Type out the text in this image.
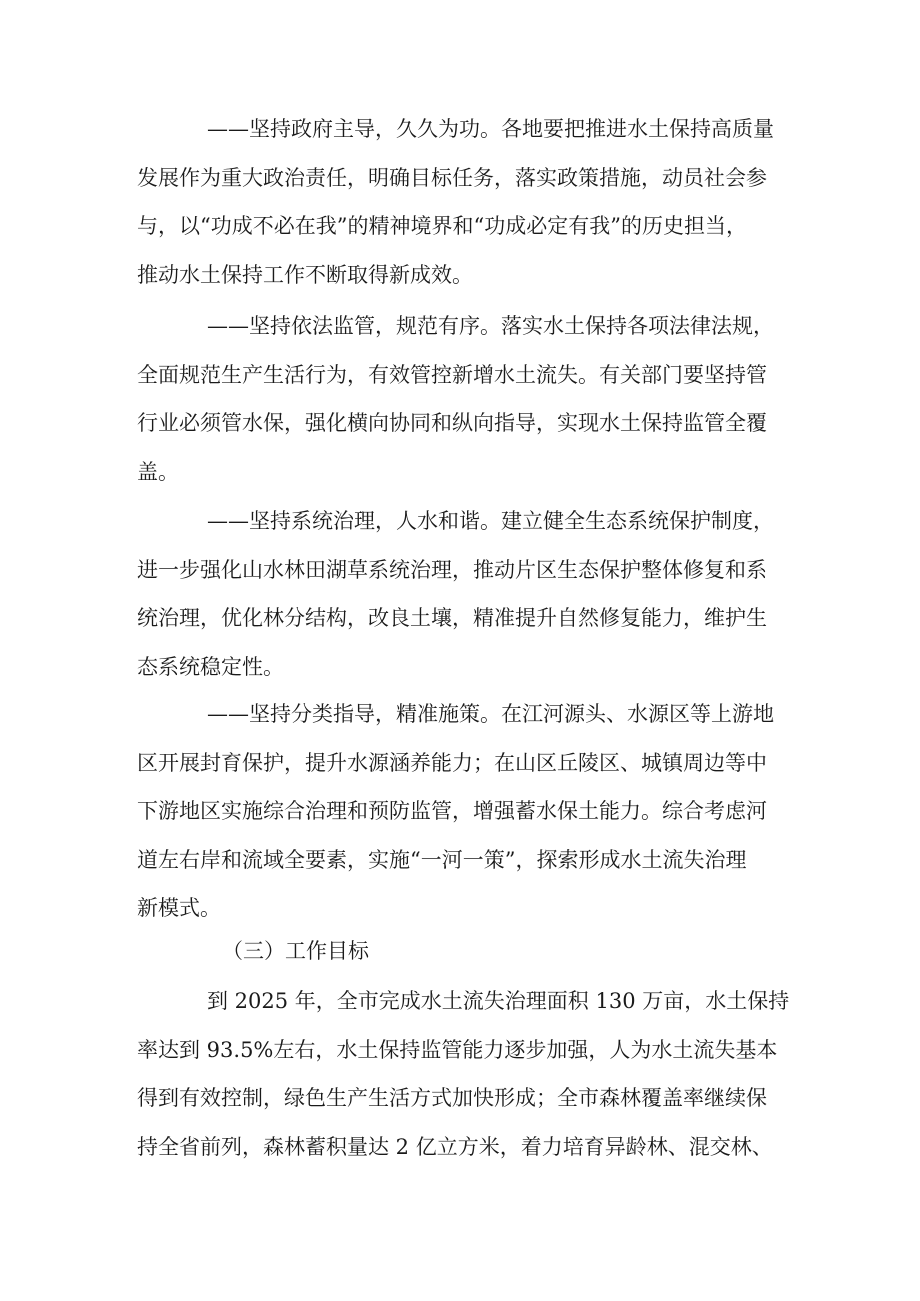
——坚持政府主导，久久为功。各地要把推进水土保持高质量
发展作为重大政治责任，明确目标任务，落实政策措施，动员社会参
与，以“功成不必在我”的精神境界和“功成必定有我”的历史担当，
推动水土保持工作不断取得新成效。

——坚持依法监管，规范有序。落实水土保持各项法律法规，
全面规范生产生活行为，有效管控新增水土流失。有关部门要坚持管
行业必须管水保，强化横向协同和纵向指导，实现水土保持监管全覆
盖。

——坚持系统治理，人水和谐。建立健全生态系统保护制度，
进一步强化山水林田湖草系统治理，推动片区生态保护整体修复和系
统治理，优化林分结构，改良土壤，精准提升自然修复能力，维护生
态系统稳定性。

——坚持分类指导，精准施策。在江河源头、水源区等上游地
区开展封育保护，提升水源涵养能力；在山区丘陵区、城镇周边等中
下游地区实施综合治理和预防监管，增强蓄水保土能力。综合考虑河
道左右岸和流域全要素，实施“一河一策”，探索形成水土流失治理
新模式。

（三）工作目标

到 2025 年，全市完成水土流失治理面积 130 万亩，水土保持
率达到 93.5%左右，水土保持监管能力逐步加强，人为水土流失基本
得到有效控制，绿色生产生活方式加快形成；全市森林覆盖率继续保
持全省前列，森林蓄积量达 2 亿立方米，着力培育异龄林、混交林、
